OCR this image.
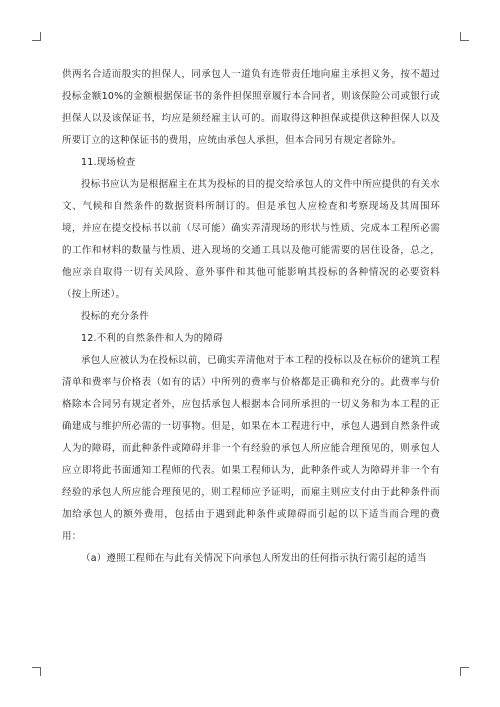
供两名合适而殷实的担保人，同承包人一道负有连带责任地向雇主承担义务，按不超过投标金额10%的金额根据保证书的条件担保照章履行本合同者，则该保险公司或银行或担保人以及该保证书，均应是须经雇主认可的。而取得这种担保或提供这种担保人以及所要订立的这种保证书的费用，应统由承包人承担，但本合同另有规定者除外。

11.现场检查

投标书应认为是根据雇主在其为投标的目的提交给承包人的文件中所应提供的有关水文、气候和自然条件的数据资料所制订的。但是承包人应检查和考察现场及其周围环境，并应在提交投标书以前（尽可能）确实弄清现场的形状与性质、完成本工程所必需的工作和材料的数量与性质、进入现场的交通工具以及他可能需要的居住设备，总之，他应亲自取得一切有关风险、意外事件和其他可能影响其投标的各种情况的必要资料（按上所述）。

投标的充分条件

12.不利的自然条件和人为的障碍

承包人应被认为在投标以前，已确实弄清他对于本工程的投标以及在标价的建筑工程清单和费率与价格表（如有的话）中所列的费率与价格都是正确和充分的。此费率与价格除本合同另有规定者外，应包括承包人根据本合同所承担的一切义务和为本工程的正确建成与维护所必需的一切事物。但是，如果在本工程进行中，承包人遇到自然条件或人为的障碍，而此种条件或障碍并非一个有经验的承包人所应能合理预见的，则承包人应立即将此书面通知工程师的代表。如果工程师认为，此种条件或人为障碍并非一个有经验的承包人所应能合理预见的，则工程师应予证明，而雇主则应支付由于此种条件而加给承包人的额外费用，包括由于遇到此种条件或障碍而引起的以下适当而合理的费用：

（a）遵照工程师在与此有关情况下向承包人所发出的任何指示执行需引起的适当
